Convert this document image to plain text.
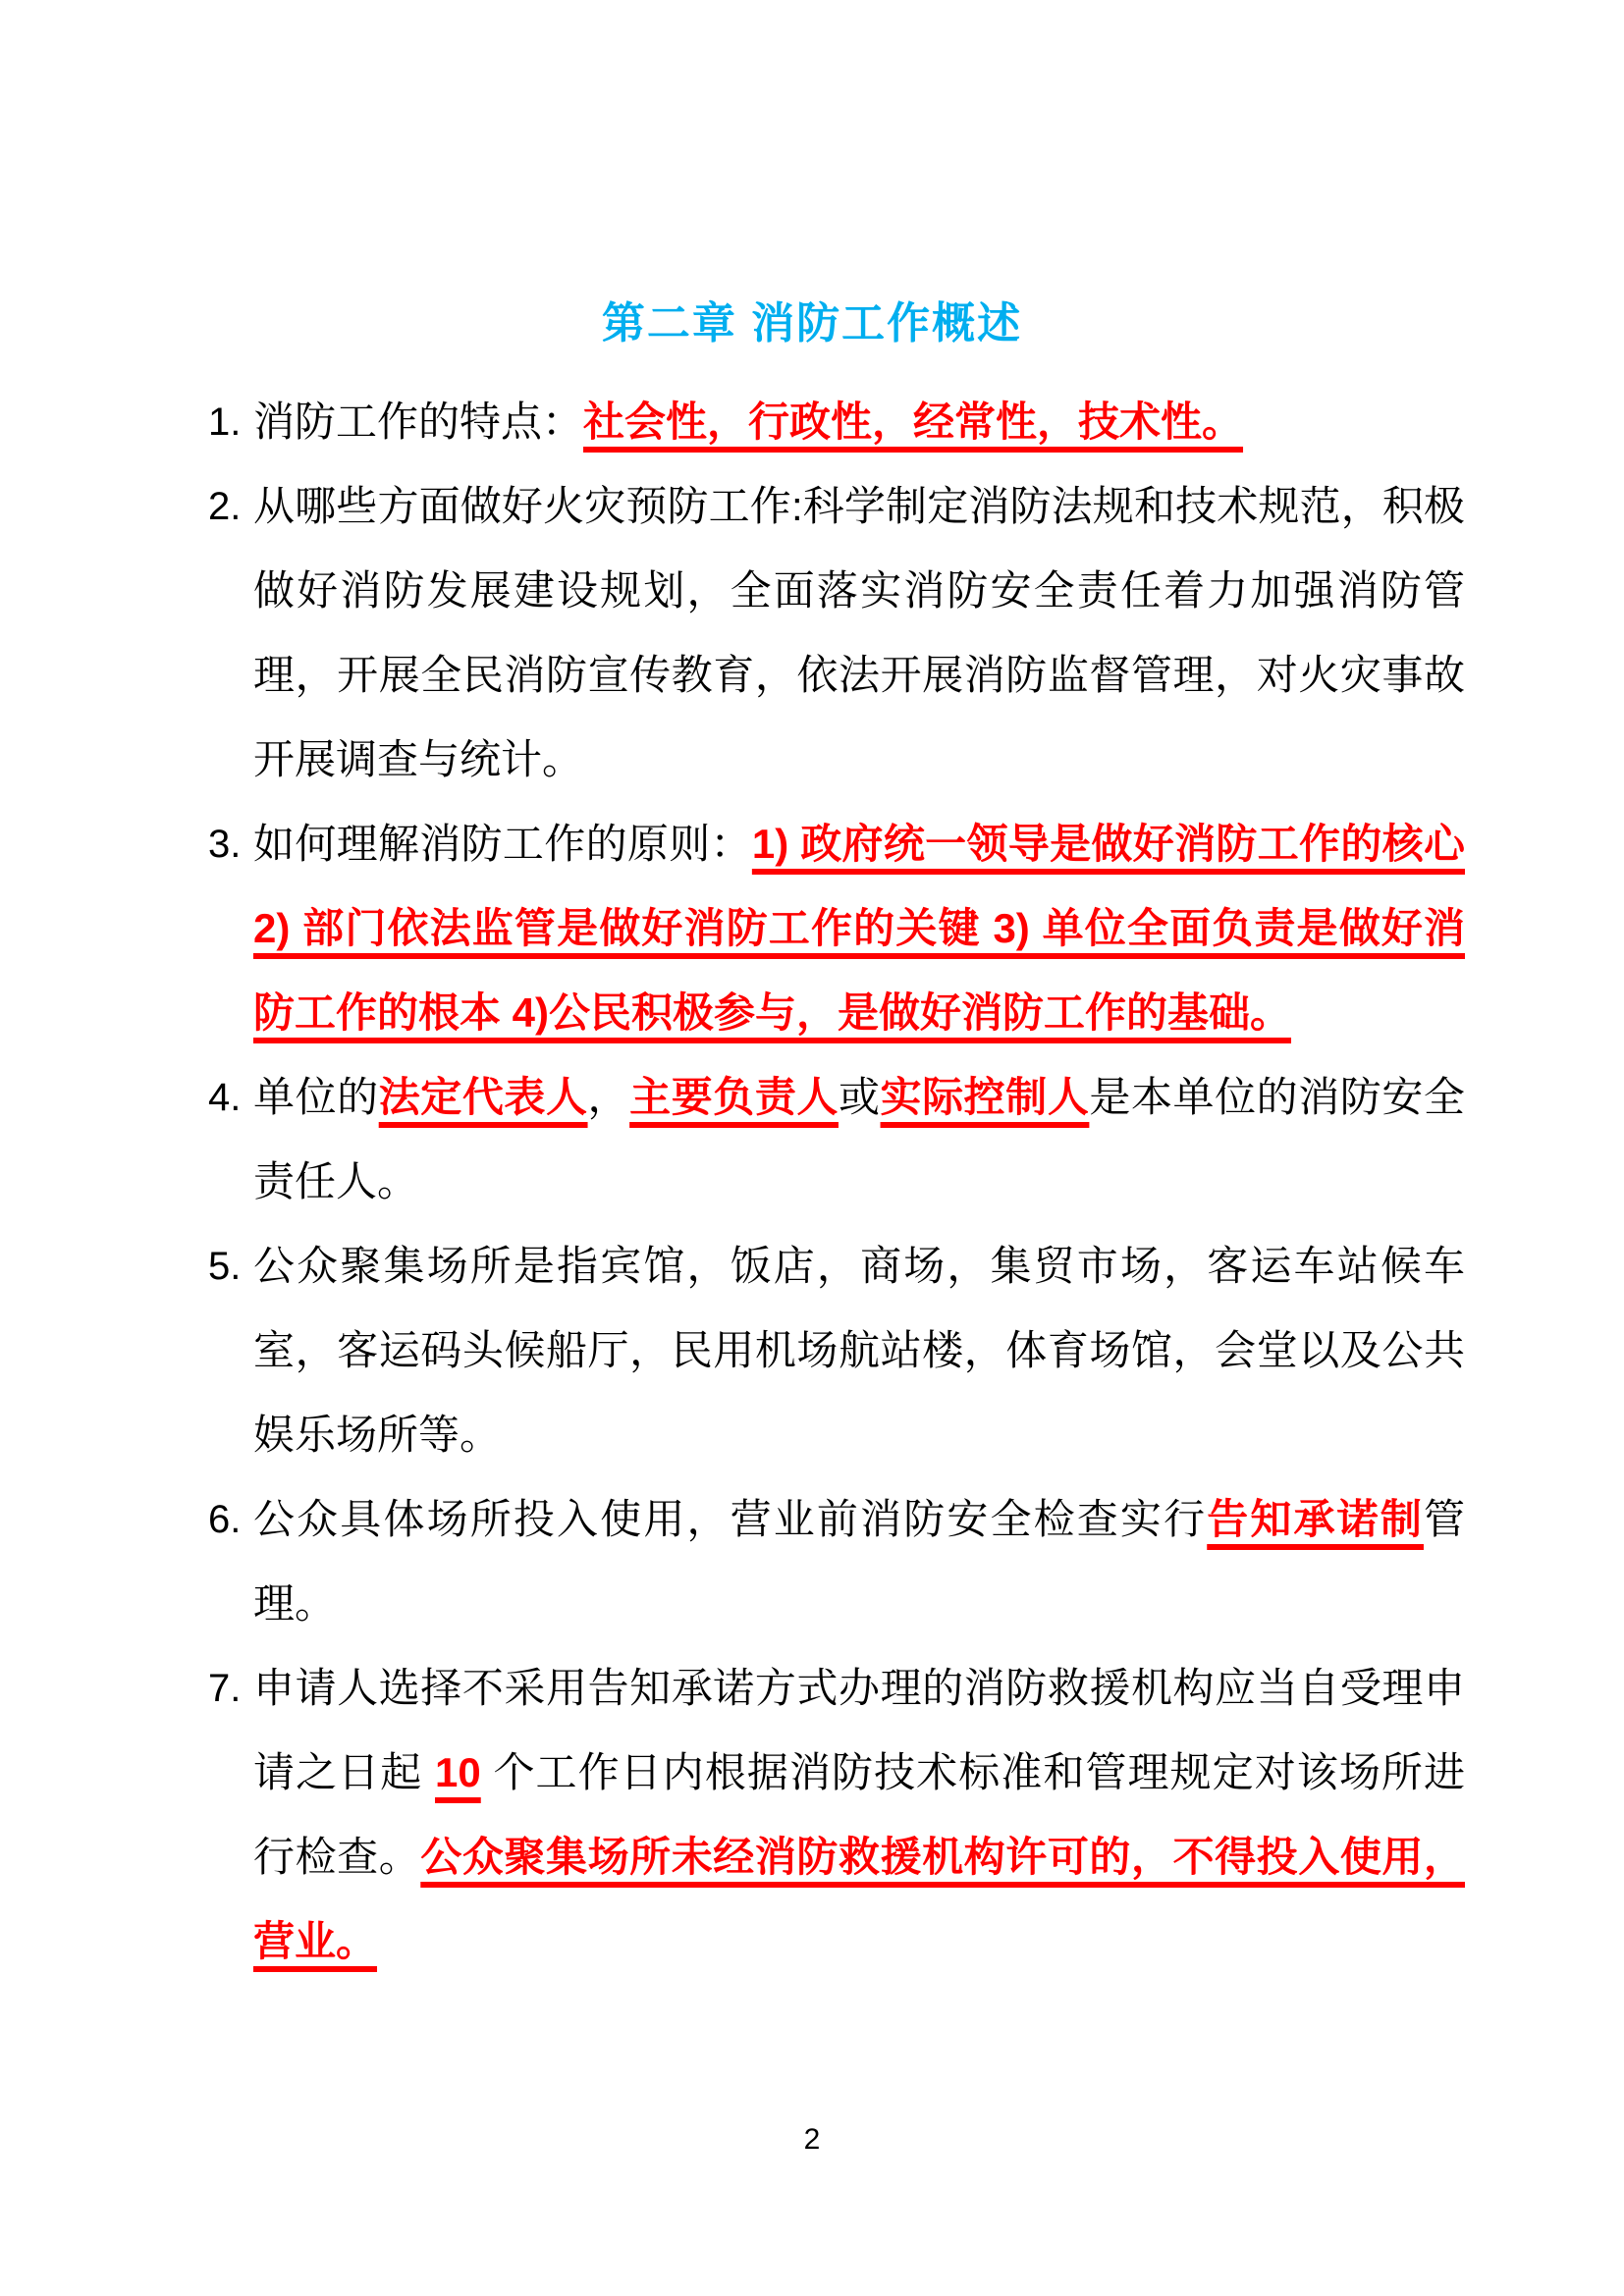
第二章 消防工作概述
1. 消防工作的特点：社会性，行政性，经常性，技术性。
2. 从哪些方面做好火灾预防工作:科学制定消防法规和技术规范，积极做好消防发展建设规划，全面落实消防安全责任着力加强消防管理，开展全民消防宣传教育，依法开展消防监督管理，对火灾事故开展调查与统计。
3. 如何理解消防工作的原则：1) 政府统一领导是做好消防工作的核心 2) 部门依法监管是做好消防工作的关键 3) 单位全面负责是做好消防工作的根本 4)公民积极参与，是做好消防工作的基础。
4. 单位的法定代表人，主要负责人或实际控制人是本单位的消防安全责任人。
5. 公众聚集场所是指宾馆，饭店，商场，集贸市场，客运车站候车室，客运码头候船厅，民用机场航站楼，体育场馆，会堂以及公共娱乐场所等。
6. 公众具体场所投入使用，营业前消防安全检查实行告知承诺制管理。
7. 申请人选择不采用告知承诺方式办理的消防救援机构应当自受理申请之日起 10 个工作日内根据消防技术标准和管理规定对该场所进行检查。公众聚集场所未经消防救援机构许可的，不得投入使用，营业。
2
